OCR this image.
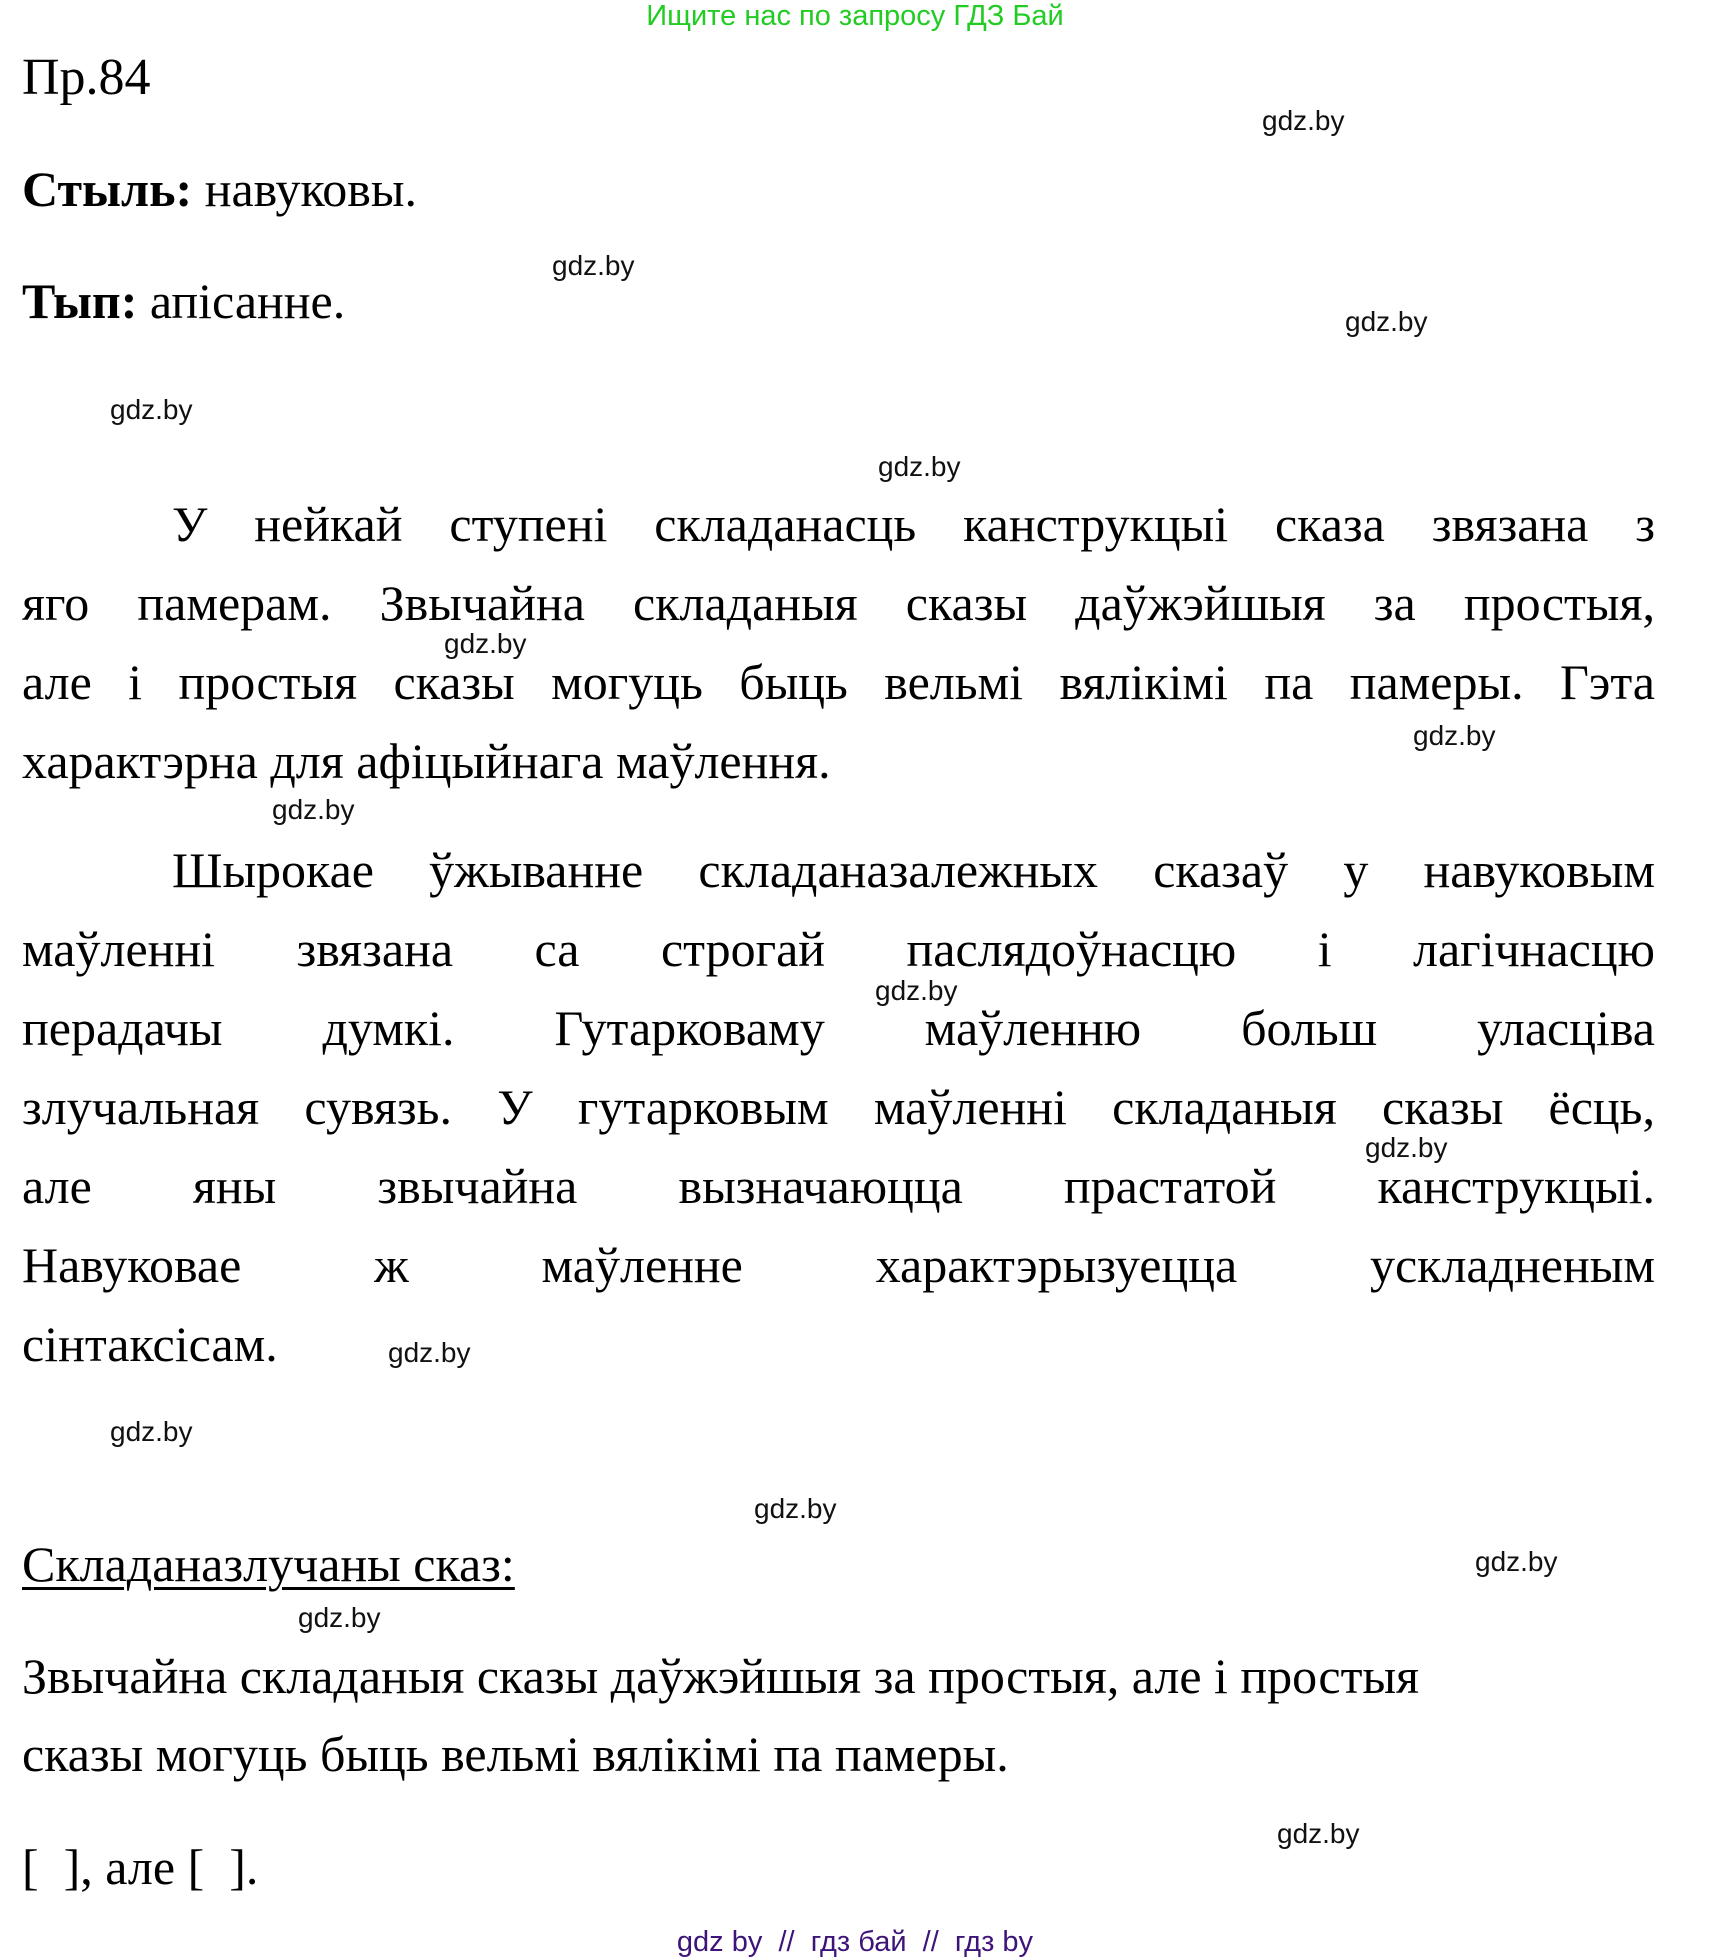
Ищите нас по запросу ГДЗ Бай
Пр.84
Стыль: навуковы.
Тып: апісанне.
У нейкай ступені складанасць канструкцыі сказа звязана з
яго памерам. Звычайна складаныя сказы даўжэйшыя за простыя,
але і простыя сказы могуць быць вельмі вялікімі па памеры. Гэта
характэрна для афіцыйнага маўлення.
Шырокае ўжыванне складаназалежных сказаў у навуковым
маўленні звязана са строгай паслядоўнасцю і лагічнасцю
перадачы думкі. Гутарковаму маўленню больш уласціва
злучальная сувязь. У гутарковым маўленні складаныя сказы ёсць,
але яны звычайна вызначаюцца прастатой канструкцыі.
Навуковае ж маўленне характэрызуецца ускладненым
сінтаксісам.
Складаназлучаны сказ:
Звычайна складаныя сказы даўжэйшыя за простыя, але і простыя
сказы могуць быць вельмі вялікімі па памеры.
[  ], але [  ].
gdz.by
gdz.by
gdz.by
gdz.by
gdz.by
gdz.by
gdz.by
gdz.by
gdz.by
gdz.by
gdz.by
gdz.by
gdz.by
gdz.by
gdz.by
gdz.by
gdz by  //  гдз бай  //  гдз by
